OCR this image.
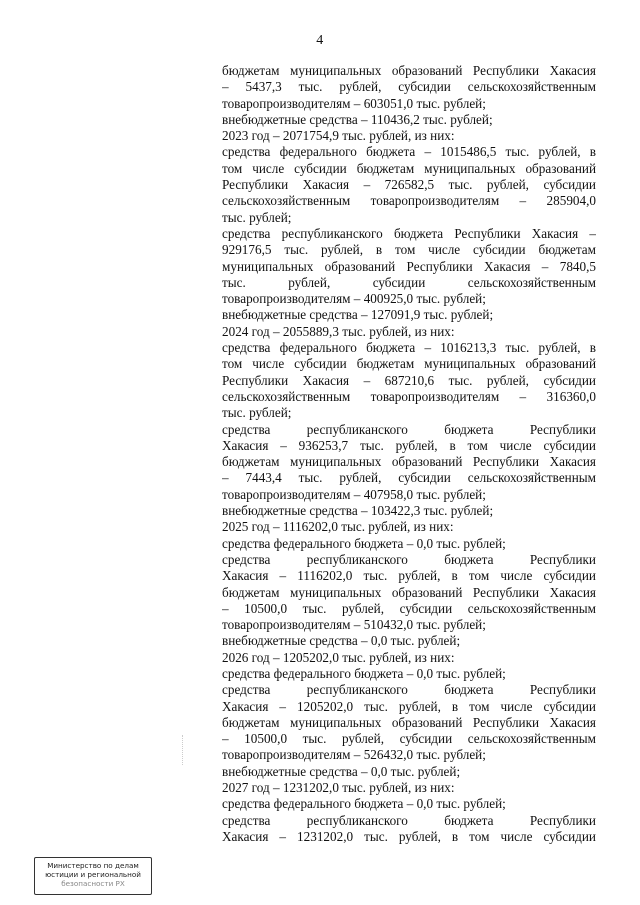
4
бюджетам муниципальных образований Республики Хакасия
– 5437,3 тыс. рублей, субсидии сельскохозяйственным
товаропроизводителям – 603051,0 тыс. рублей;
внебюджетные средства – 110436,2 тыс. рублей;
2023 год – 2071754,9 тыс. рублей, из них:
средства федерального бюджета – 1015486,5 тыс. рублей, в
том числе субсидии бюджетам муниципальных образований
Республики Хакасия – 726582,5 тыс. рублей, субсидии
сельскохозяйственным товаропроизводителям – 285904,0
тыс. рублей;
средства республиканского бюджета Республики Хакасия –
929176,5 тыс. рублей, в том числе субсидии бюджетам
муниципальных образований Республики Хакасия – 7840,5
тыс. рублей, субсидии сельскохозяйственным
товаропроизводителям – 400925,0 тыс. рублей;
внебюджетные средства – 127091,9 тыс. рублей;
2024 год – 2055889,3 тыс. рублей, из них:
средства федерального бюджета – 1016213,3 тыс. рублей, в
том числе субсидии бюджетам муниципальных образований
Республики Хакасия – 687210,6 тыс. рублей, субсидии
сельскохозяйственным товаропроизводителям – 316360,0
тыс. рублей;
средства республиканского бюджета Республики
Хакасия – 936253,7 тыс. рублей, в том числе субсидии
бюджетам муниципальных образований Республики Хакасия
– 7443,4 тыс. рублей, субсидии сельскохозяйственным
товаропроизводителям – 407958,0 тыс. рублей;
внебюджетные средства – 103422,3 тыс. рублей;
2025 год – 1116202,0 тыс. рублей, из них:
средства федерального бюджета – 0,0 тыс. рублей;
средства республиканского бюджета Республики
Хакасия – 1116202,0 тыс. рублей, в том числе субсидии
бюджетам муниципальных образований Республики Хакасия
– 10500,0 тыс. рублей, субсидии сельскохозяйственным
товаропроизводителям – 510432,0 тыс. рублей;
внебюджетные средства – 0,0 тыс. рублей;
2026 год – 1205202,0 тыс. рублей, из них:
средства федерального бюджета – 0,0 тыс. рублей;
средства республиканского бюджета Республики
Хакасия – 1205202,0 тыс. рублей, в том числе субсидии
бюджетам муниципальных образований Республики Хакасия
– 10500,0 тыс. рублей, субсидии сельскохозяйственным
товаропроизводителям – 526432,0 тыс. рублей;
внебюджетные средства – 0,0 тыс. рублей;
2027 год – 1231202,0 тыс. рублей, из них:
средства федерального бюджета – 0,0 тыс. рублей;
средства республиканского бюджета Республики
Хакасия – 1231202,0 тыс. рублей, в том числе субсидии
Министерство по делам
юстиции и региональной
безопасности РХ
